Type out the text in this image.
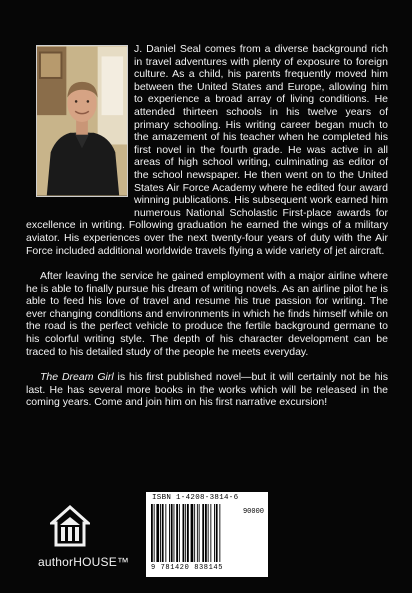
J. Daniel Seal comes from a diverse background rich in travel adventures with plenty of exposure to foreign culture. As a child, his parents frequently moved him between the United States and Europe, allowing him to experience a broad array of living conditions. He attended thirteen schools in his twelve years of primary schooling. His writing career began much to the amazement of his teacher when he completed his first novel in the fourth grade. He was active in all areas of high school writing, culminating as editor of the school newspaper. He then went on to the United States Air Force Academy where he edited four award winning publications. His subsequent work earned him numerous National Scholastic First-place awards for excellence in writing. Following graduation he earned the wings of a military aviator. His experiences over the next twenty-four years of duty with the Air Force included additional worldwide travels flying a wide variety of jet aircraft.

After leaving the service he gained employment with a major airline where he is able to finally pursue his dream of writing novels. As an airline pilot he is able to feed his love of travel and resume his true passion for writing. The ever changing conditions and environments in which he finds himself while on the road is the perfect vehicle to produce the fertile background germane to his colorful writing style. The depth of his character development can be traced to his detailed study of the people he meets everyday.

The Dream Girl is his first published novel—but it will certainly not be his last. He has several more books in the works which will be released in the coming years. Come and join him on his first narrative excursion!

authorHOUSE™
ISBN 1-4208-3814-6
90000
9 781420 838145
